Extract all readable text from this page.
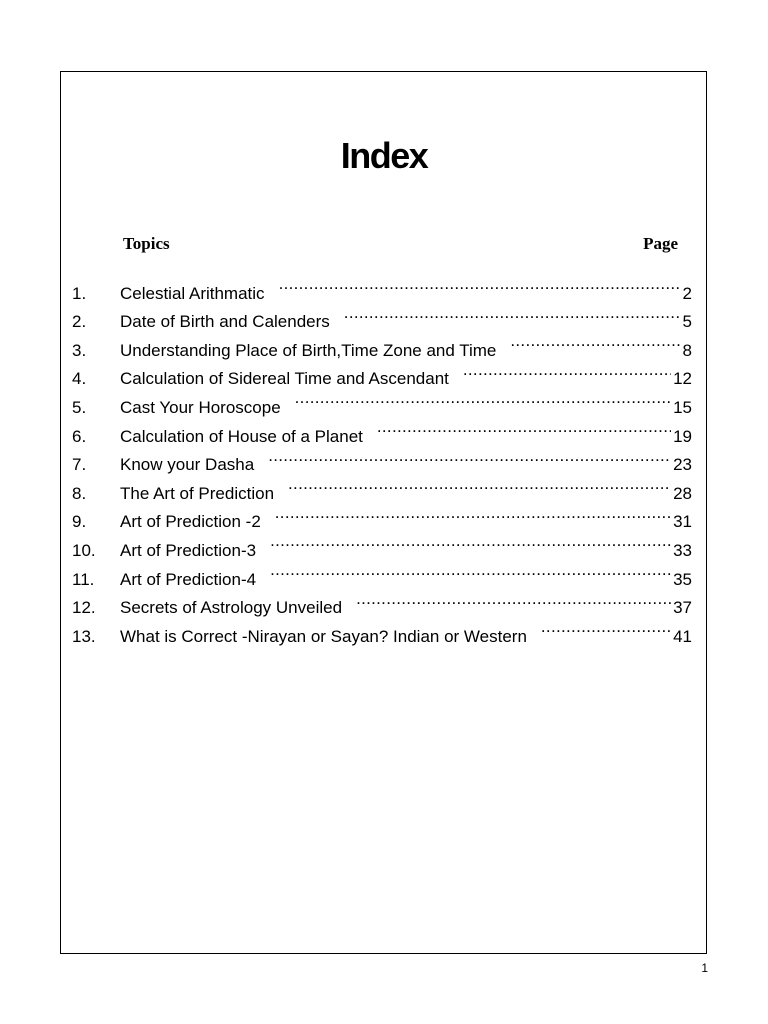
Index
Topics	Page
1.	Celestial Arithmatic .....	2
2.	Date of Birth and Calenders .....	5
3.	Understanding Place of Birth,Time Zone and Time .....	8
4.	Calculation of Sidereal Time and Ascendant .....	12
5.	Cast Your Horoscope .....	15
6.	Calculation of House of a Planet .....	19
7.	Know your Dasha .....	23
8.	The Art of Prediction .....	28
9.	Art of Prediction -2 .....	31
10.	Art of Prediction-3 .....	33
11.	Art of Prediction-4 .....	35
12.	Secrets of Astrology Unveiled .....	37
13.	What is Correct -Nirayan or Sayan? Indian or Western .....	41
1
